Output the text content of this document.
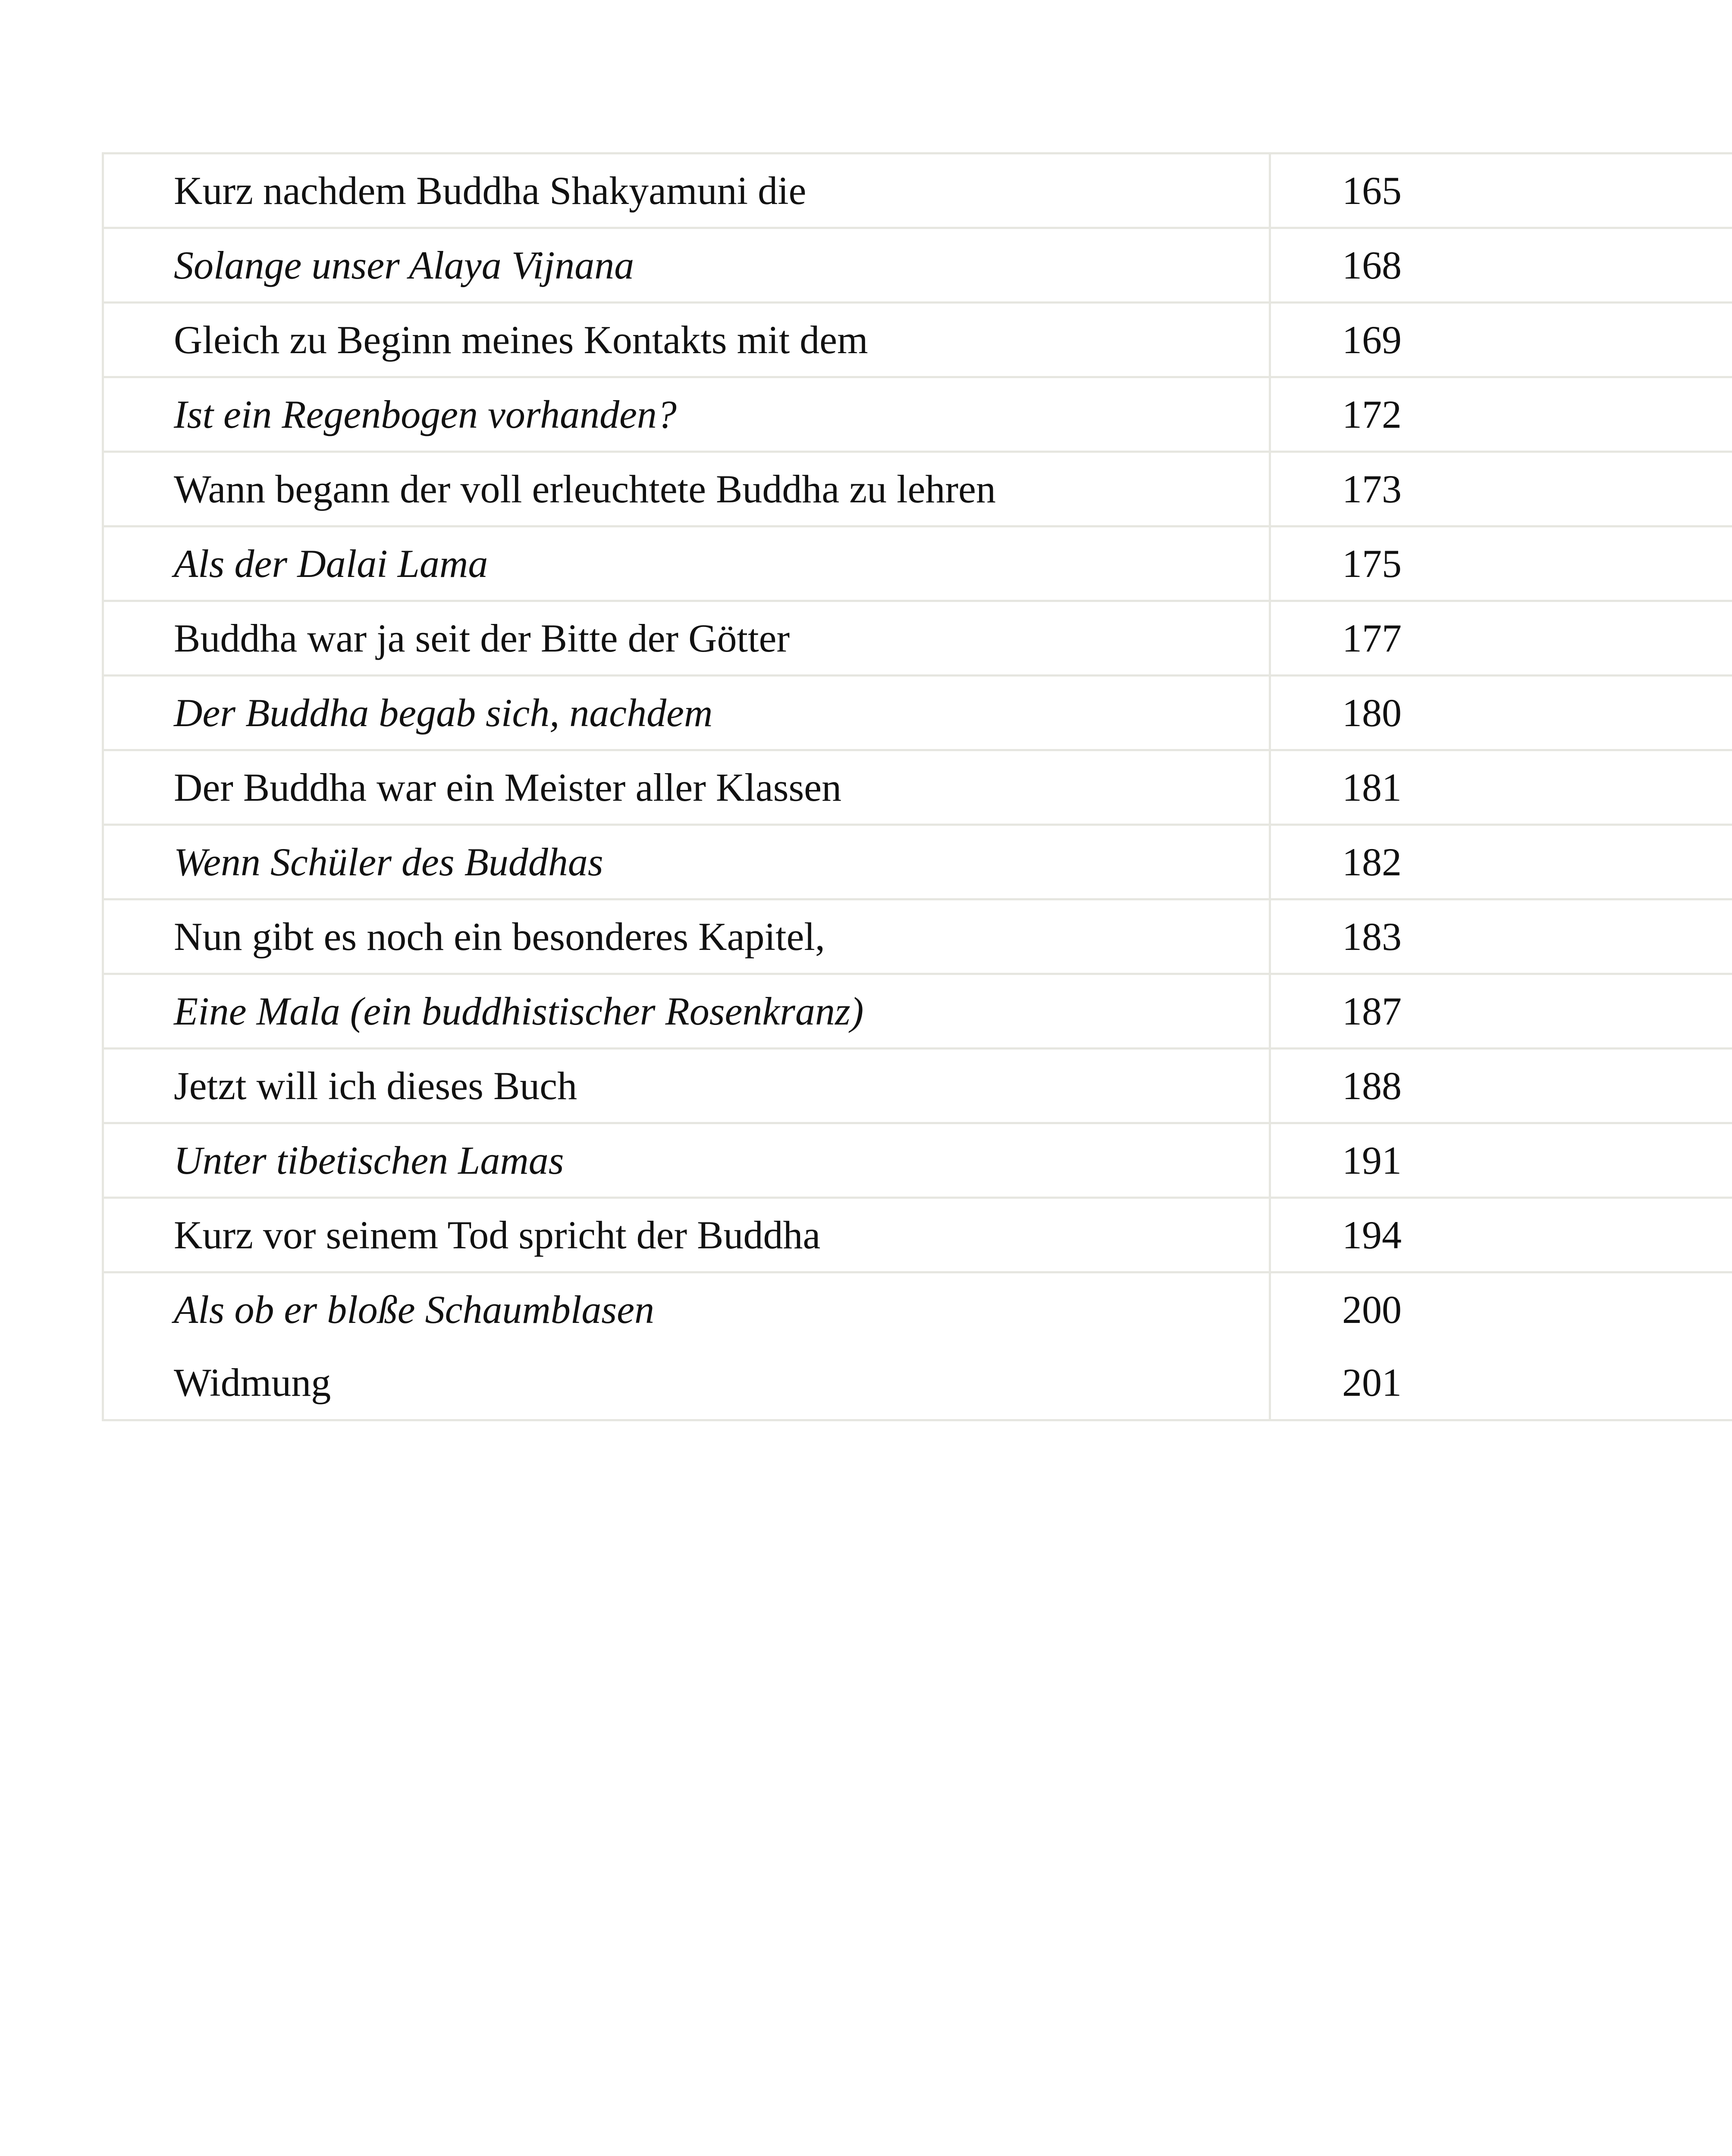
Kurz nachdem Buddha Shakyamuni die	165
Solange unser Alaya Vijnana	168
Gleich zu Beginn meines Kontakts mit dem	169
Ist ein Regenbogen vorhanden?	172
Wann begann der voll erleuchtete Buddha zu lehren	173
Als der Dalai Lama	175
Buddha war ja seit der Bitte der Götter	177
Der Buddha begab sich, nachdem	180
Der Buddha war ein Meister aller Klassen	181
Wenn Schüler des Buddhas	182
Nun gibt es noch ein besonderes Kapitel,	183
Eine Mala (ein buddhistischer Rosenkranz)	187
Jetzt will ich dieses Buch	188
Unter tibetischen Lamas	191
Kurz vor seinem Tod spricht der Buddha	194
Als ob er bloße Schaumblasen	200
Widmung	201
